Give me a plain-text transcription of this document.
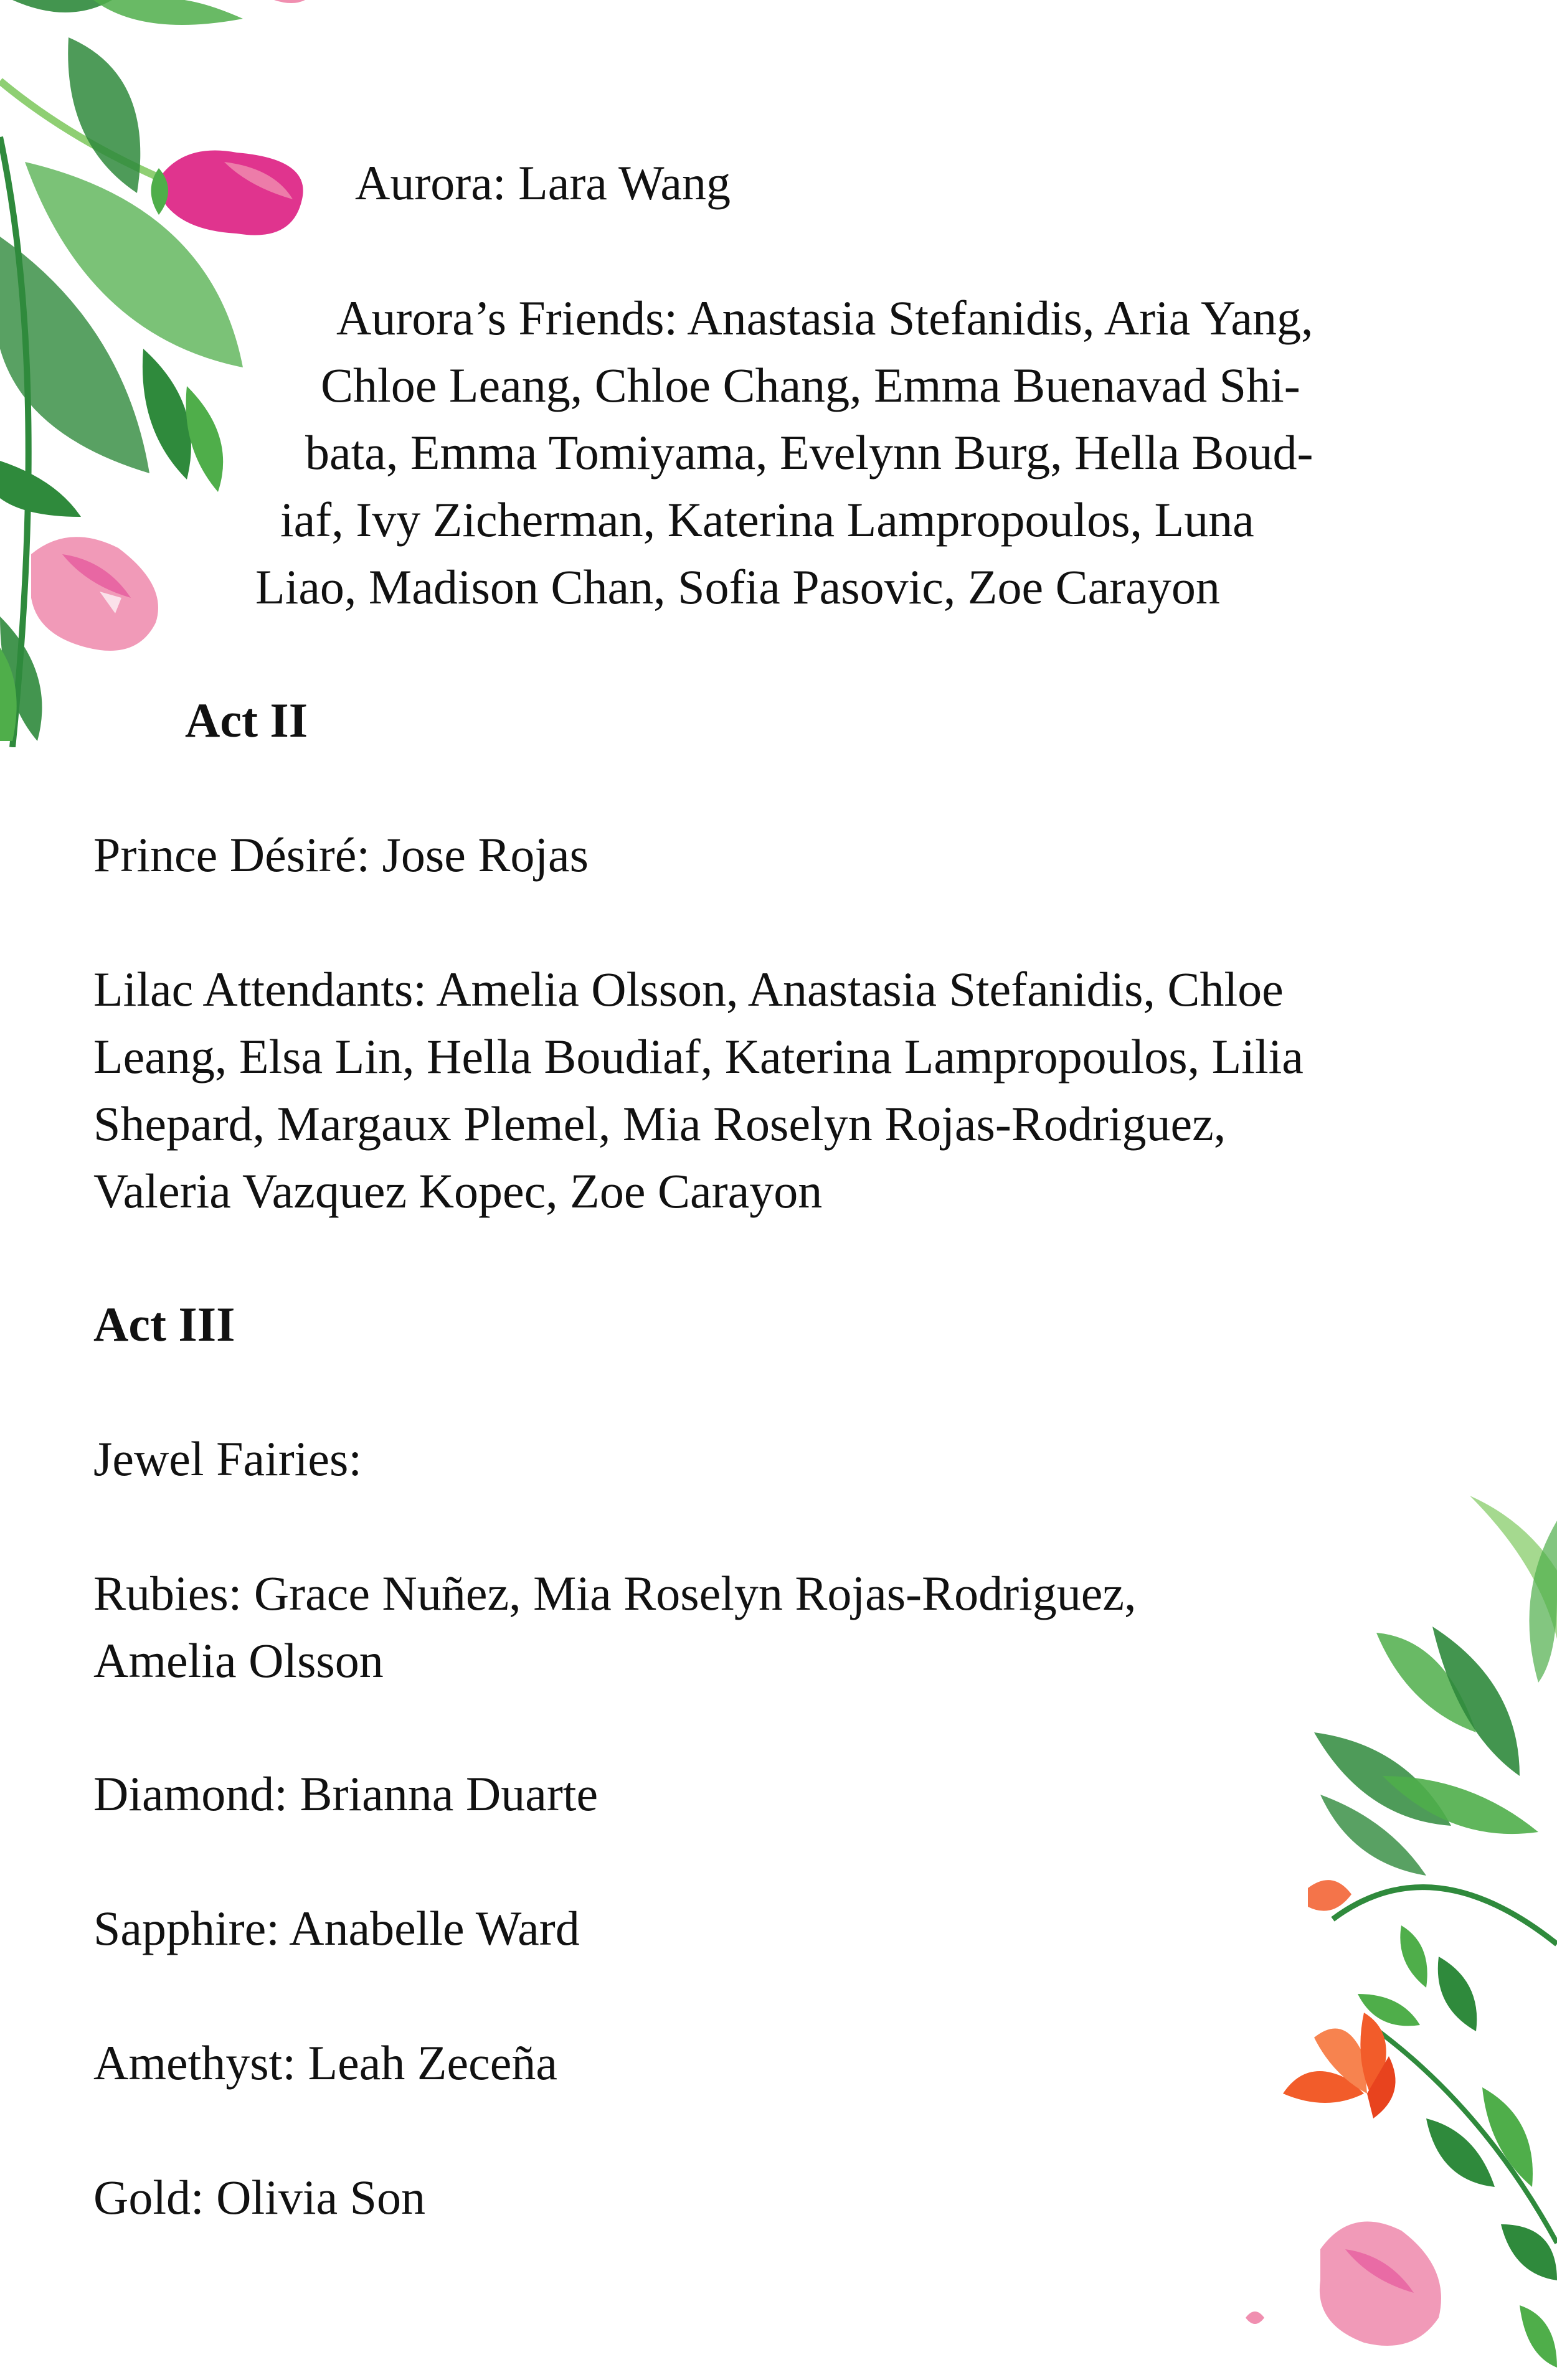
Aurora: Lara Wang
Aurora’s Friends: Anastasia Stefanidis, Aria Yang,
Chloe Leang, Chloe Chang, Emma Buenavad Shi-
bata, Emma Tomiyama, Evelynn Burg, Hella Boud-
iaf, Ivy Zicherman, Katerina Lampropoulos, Luna
Liao, Madison Chan, Sofia Pasovic, Zoe Carayon
Act II
Prince Désiré: Jose Rojas
Lilac Attendants: Amelia Olsson, Anastasia Stefanidis, Chloe
Leang, Elsa Lin, Hella Boudiaf, Katerina Lampropoulos, Lilia
Shepard, Margaux Plemel, Mia Roselyn Rojas-Rodriguez,
Valeria Vazquez Kopec, Zoe Carayon
Act III
Jewel Fairies:
Rubies: Grace Nuñez, Mia Roselyn Rojas-Rodriguez,
Amelia Olsson
Diamond: Brianna Duarte
Sapphire: Anabelle Ward
Amethyst: Leah Zeceña
Gold: Olivia Son
